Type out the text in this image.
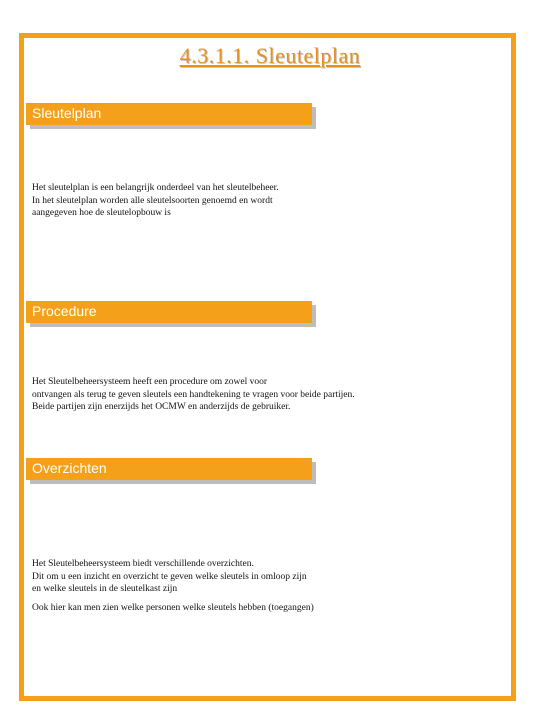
4.3.1.1. Sleutelplan
Sleutelplan
Het sleutelplan is een belangrijk onderdeel van het sleutelbeheer.
In het sleutelplan worden alle sleutelsoorten genoemd en wordt
aangegeven hoe de sleutelopbouw is
Procedure
Het Sleutelbeheersysteem heeft een procedure om zowel voor
ontvangen als terug te geven sleutels een handtekening te vragen voor beide partijen.
Beide partijen zijn enerzijds het OCMW en anderzijds de gebruiker.
Overzichten
Het Sleutelbeheersysteem biedt verschillende overzichten.
Dit om u een inzicht en overzicht te geven welke sleutels in omloop zijn
en welke sleutels in de sleutelkast zijn
Ook hier kan men zien welke personen welke sleutels hebben (toegangen)
